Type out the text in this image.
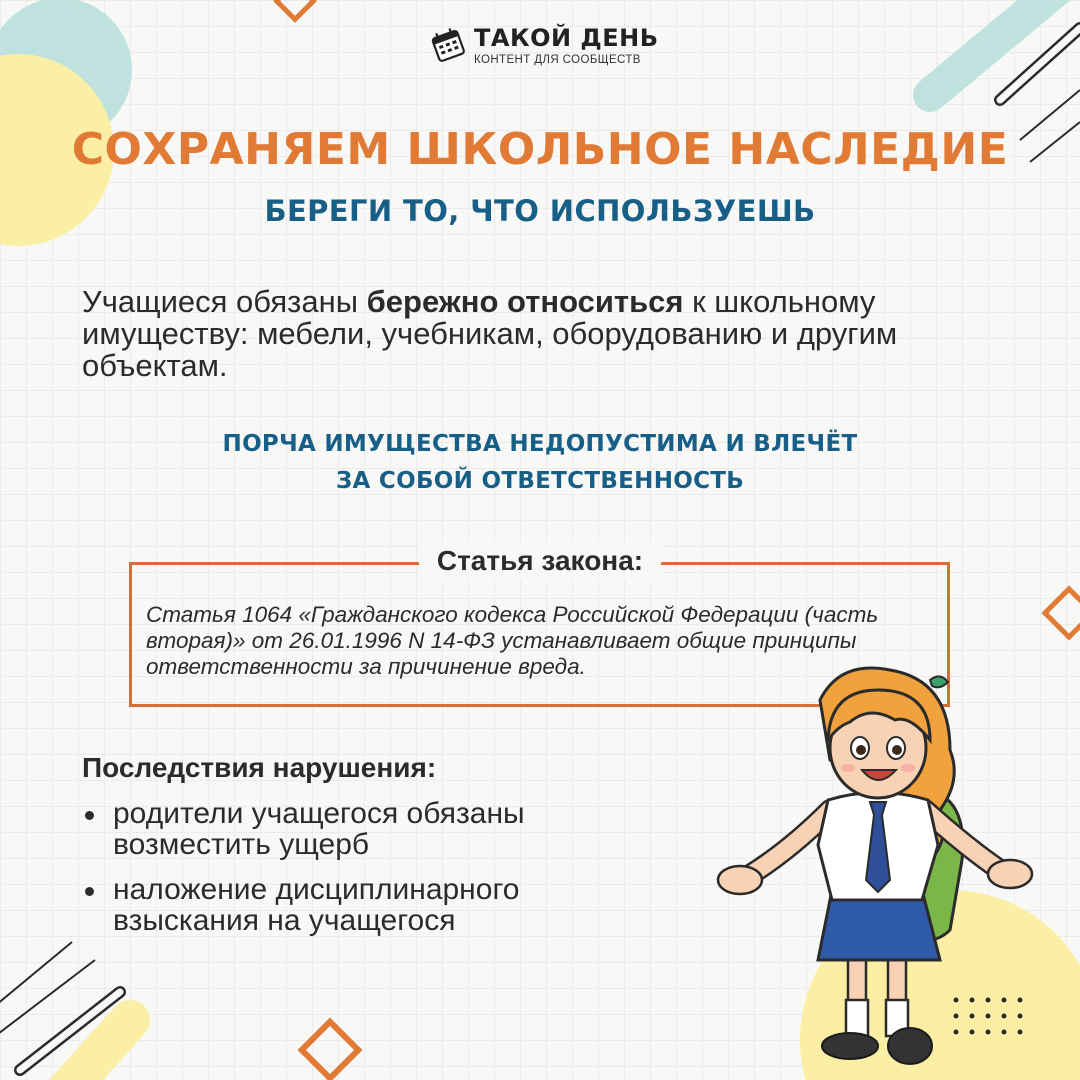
ТАКОЙ ДЕНЬ
КОНТЕНТ ДЛЯ СООБЩЕСТВ
СОХРАНЯЕМ ШКОЛЬНОЕ НАСЛЕДИЕ
БЕРЕГИ ТО, ЧТО ИСПОЛЬЗУЕШЬ
Учащиеся обязаны бережно относиться к школьному имуществу: мебели, учебникам, оборудованию и другим объектам.
ПОРЧА ИМУЩЕСТВА НЕДОПУСТИМА И ВЛЕЧЁТ
ЗА СОБОЙ ОТВЕТСТВЕННОСТЬ
Статья закона:
Статья 1064 «Гражданского кодекса Российской Федерации (часть вторая)» от 26.01.1996 N 14-ФЗ устанавливает общие принципы ответственности за причинение вреда.
Последствия нарушения:
родители учащегося обязаны возместить ущерб
наложение дисциплинарного взыскания на учащегося
